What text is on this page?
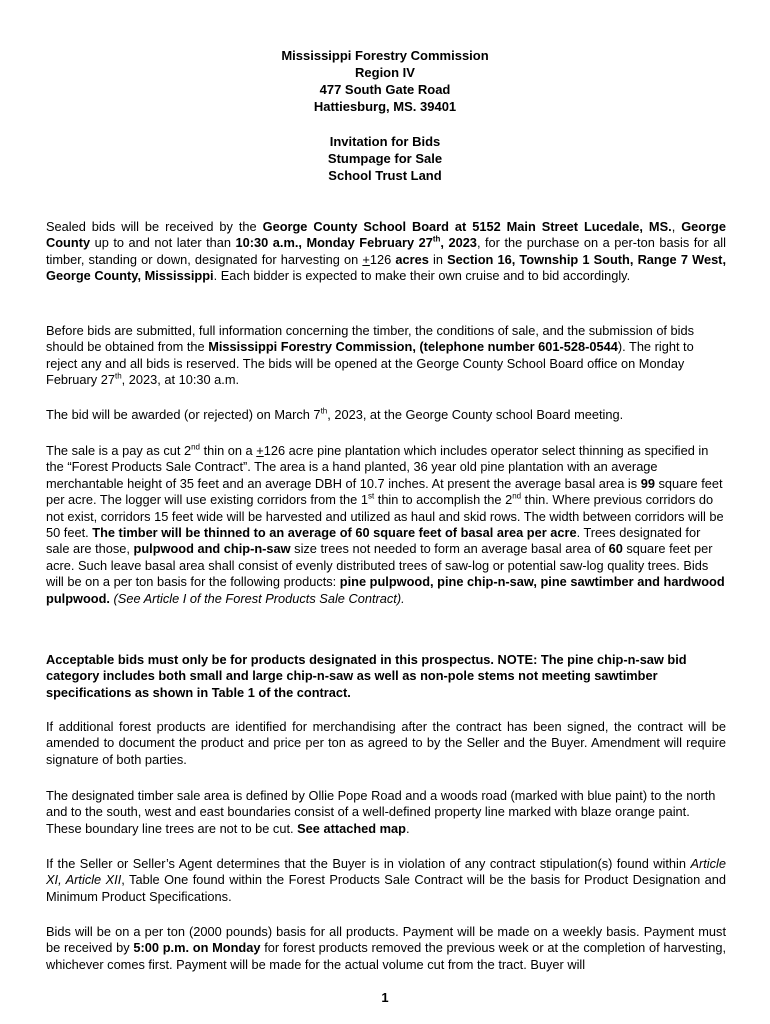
Mississippi Forestry Commission
Region IV
477 South Gate Road
Hattiesburg, MS. 39401
Invitation for Bids
Stumpage for Sale
School Trust Land

Sealed bids will be received by the George County School Board at 5152 Main Street Lucedale, MS., George County up to and not later than 10:30 a.m., Monday February 27th, 2023, for the purchase on a per-ton basis for all timber, standing or down, designated for harvesting on +126 acres in Section 16, Township 1 South, Range 7 West, George County, Mississippi. Each bidder is expected to make their own cruise and to bid accordingly.

Before bids are submitted, full information concerning the timber, the conditions of sale, and the submission of bids should be obtained from the Mississippi Forestry Commission, (telephone number 601-528-0544). The right to reject any and all bids is reserved. The bids will be opened at the George County School Board office on Monday February 27th, 2023, at 10:30 a.m.

The bid will be awarded (or rejected) on March 7th, 2023, at the George County school Board meeting.

The sale is a pay as cut 2nd thin on a +126 acre pine plantation which includes operator select thinning as specified in the “Forest Products Sale Contract”. The area is a hand planted, 36 year old pine plantation with an average merchantable height of 35 feet and an average DBH of 10.7 inches. At present the average basal area is 99 square feet per acre. The logger will use existing corridors from the 1st thin to accomplish the 2nd thin. Where previous corridors do not exist, corridors 15 feet wide will be harvested and utilized as haul and skid rows. The width between corridors will be 50 feet. The timber will be thinned to an average of 60 square feet of basal area per acre. Trees designated for sale are those, pulpwood and chip-n-saw size trees not needed to form an average basal area of 60 square feet per acre. Such leave basal area shall consist of evenly distributed trees of saw-log or potential saw-log quality trees. Bids will be on a per ton basis for the following products: pine pulpwood, pine chip-n-saw, pine sawtimber and hardwood pulpwood. (See Article I of the Forest Products Sale Contract).

Acceptable bids must only be for products designated in this prospectus. NOTE: The pine chip-n-saw bid category includes both small and large chip-n-saw as well as non-pole stems not meeting sawtimber specifications as shown in Table 1 of the contract.

If additional forest products are identified for merchandising after the contract has been signed, the contract will be amended to document the product and price per ton as agreed to by the Seller and the Buyer. Amendment will require signature of both parties.

The designated timber sale area is defined by Ollie Pope Road and a woods road (marked with blue paint) to the north and to the south, west and east boundaries consist of a well-defined property line marked with blaze orange paint. These boundary line trees are not to be cut. See attached map.

If the Seller or Seller’s Agent determines that the Buyer is in violation of any contract stipulation(s) found within Article XI, Article XII, Table One found within the Forest Products Sale Contract will be the basis for Product Designation and Minimum Product Specifications.

Bids will be on a per ton (2000 pounds) basis for all products. Payment will be made on a weekly basis. Payment must be received by 5:00 p.m. on Monday for forest products removed the previous week or at the completion of harvesting, whichever comes first. Payment will be made for the actual volume cut from the tract. Buyer will

1
